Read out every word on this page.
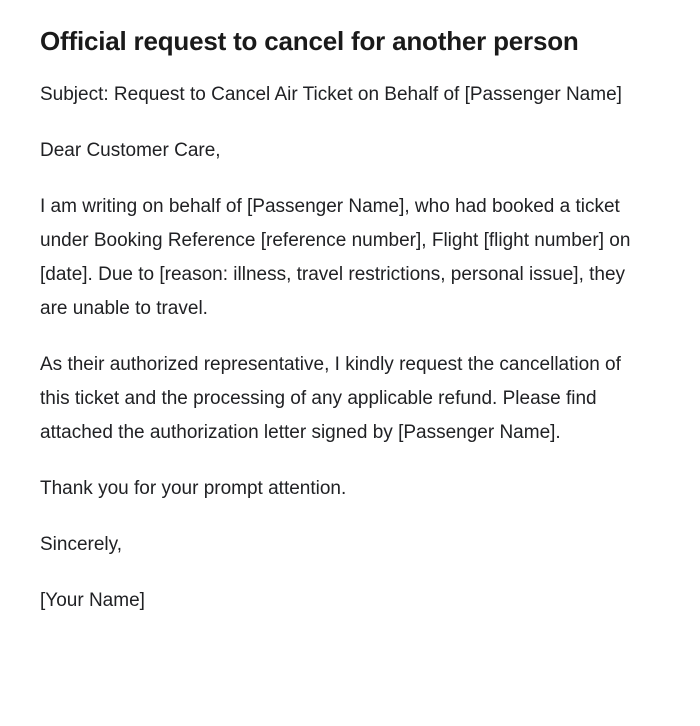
Official request to cancel for another person

Subject: Request to Cancel Air Ticket on Behalf of [Passenger Name]

Dear Customer Care,

I am writing on behalf of [Passenger Name], who had booked a ticket under Booking Reference [reference number], Flight [flight number] on [date]. Due to [reason: illness, travel restrictions, personal issue], they are unable to travel.

As their authorized representative, I kindly request the cancellation of this ticket and the processing of any applicable refund. Please find attached the authorization letter signed by [Passenger Name].

Thank you for your prompt attention.

Sincerely,

[Your Name]
